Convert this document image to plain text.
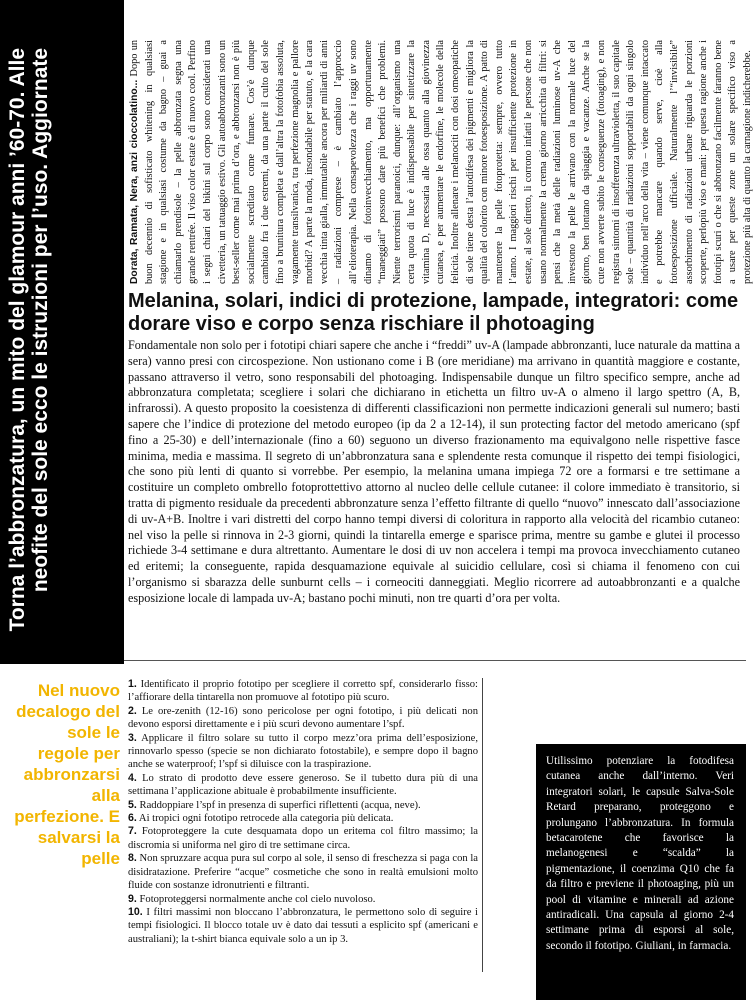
Torna l’abbronzatura, un mito del glamour anni ’60-70. Alle neofite del sole ecco le istruzioni per l’uso. Aggiornate	Dorata, Ramata, Nera, anzi cioccolatino... Dopo un buon decennio di sofisticato whitening in qualsiasi stagione e in qualsiasi costume da bagno – guai a chiamarlo prendisole – la pelle abbronzata segna una grande rentrée. Il viso color estate è di nuovo cool. Perfino i segni chiari del bikini sul corpo sono considerati una civetteria, un tatuaggio estivo. Gli autoabbronzanti sono un best-seller come mai prima d’ora, e abbronzarsi non è più socialmente screditato come fumare. Cos’è dunque cambiato fra i due estremi, da una parte il culto del sole fino a brunitura completa e dall’altra la fotofobia assoluta, vagamente transilvanica, tra perfezione magnolia e pallore morbid? A parte la moda, insondabile per statuto, e la cara vecchia tinta gialla, immutabile ancora per miliardi di anni – radiazioni comprese – è cambiato l’approccio all’elioterapia. Nella consapevolezza che i raggi uv sono dinamo di fotoinvecchiamento, ma opportunamente “maneggiati” possono dare più benefici che problemi. Niente terrorismi paranoici, dunque: all’organismo una certa quota di luce è indispensabile per sintetizzare la vitamina D, necessaria alle ossa quanto alla giovinezza cutanea, e per aumentare le endorfine, le molecole della felicità. Inoltre allenare i melanociti con dosi omeopatiche di sole tiene desta l’autodifesa dei pigmenti e migliora la qualità del colorito con minore fotoesposizione. A patto di mantenere la pelle fotoprotetta: sempre, ovvero tutto l’anno. I maggiori rischi per insufficiente protezione in estate, al sole diretto, li corrono infatti le persone che non usano normalmente la crema giorno arricchita di filtri: si pensi che la metà delle radiazioni luminose uv-A che investono la pelle le arrivano con la normale luce del giorno, ben lontano da spiaggia e vacanze. Anche se la cute non avverte subito le conseguenze (fotoaging), e non registra sintomi di insofferenza ultravioletta, il suo capitale sole – quantità di radiazioni sopportabili da ogni singolo individuo nell’arco della vita – viene comunque intaccato e potrebbe mancare quando serve, cioè alla fotoesposizione ufficiale. Naturalmente l’“invisibile” assorbimento di radiazioni urbane riguarda le porzioni scoperte, perlopiù viso e mani: per questa ragione anche i fototipi scuri o che si abbronzano facilmente faranno bene a usare per queste zone un solare specifico viso a protezione più alta di quanto la carnagione indicherebbe.

Melanina, solari, indici di protezione, lampade, integratori: come dorare viso e corpo senza rischiare il photoaging

Fondamentale non solo per i fototipi chiari sapere che anche i “freddi” uv-A (lampade abbronzanti, luce naturale da mattina a sera) vanno presi con circospezione. Non ustionano come i B (ore meridiane) ma arrivano in quantità maggiore e costante, passano attraverso il vetro, sono responsabili del photoaging. Indispensabile dunque un filtro specifico sempre, anche ad abbronzatura completata; scegliere i solari che dichiarano in etichetta un filtro uv-A o almeno il largo spettro (A, B, infrarossi). A questo proposito la coesistenza di differenti classificazioni non permette indicazioni generali sul numero; basti sapere che l’indice di protezione del metodo europeo (ip da 2 a 12-14), il sun protecting factor del metodo americano (spf fino a 25-30) e dell’internazionale (fino a 60) seguono un diverso frazionamento ma equivalgono nelle rispettive fasce minima, media e massima. Il segreto di un’abbronzatura sana e splendente resta comunque il rispetto dei tempi fisiologici, che sono più lenti di quanto si vorrebbe. Per esempio, la melanina umana impiega 72 ore a formarsi e tre settimane a costituire un completo ombrello fotoprottettivo attorno al nucleo delle cellule cutanee: il colore immediato è transitorio, si tratta di pigmento residuale da precedenti abbronzature senza l’effetto filtrante di quello “nuovo” innescato dall’associazione di uv-A+B. Inoltre i vari distretti del corpo hanno tempi diversi di coloritura in rapporto alla velocità del ricambio cutaneo: nel viso la pelle si rinnova in 2-3 giorni, quindi la tintarella emerge e sparisce prima, mentre su gambe e glutei il processo richiede 3-4 settimane e dura altrettanto. Aumentare le dosi di uv non accelera i tempi ma provoca invecchiamento cutaneo ed eritemi; la conseguente, rapida desquamazione equivale al suicidio cellulare, così si chiama il fenomeno con cui l’organismo si sbarazza delle sunburnt cells – i corneociti danneggiati. Meglio ricorrere ad autoabbronzanti e a qualche esposizione locale di lampada uv-A; bastano pochi minuti, non tre quarti d’ora per volta.

Nel nuovo decalogo del sole le regole per abbronzarsi alla perfezione. E salvarsi la pelle
1. Identificato il proprio fototipo per scegliere il corretto spf, considerarlo fisso: l’affiorare della tintarella non promuove al fototipo più scuro.
2. Le ore-zenith (12-16) sono pericolose per ogni fototipo, i più delicati non devono esporsi direttamente e i più scuri devono aumentare l’spf.
3. Applicare il filtro solare su tutto il corpo mezz’ora prima dell’esposizione, rinnovarlo spesso (specie se non dichiarato fotostabile), e sempre dopo il bagno anche se waterproof; l’spf si diluisce con la traspirazione.
4. Lo strato di prodotto deve essere generoso. Se il tubetto dura più di una settimana l’applicazione abituale è probabilmente insufficiente.
5. Raddoppiare l’spf in presenza di superfici riflettenti (acqua, neve).
6. Ai tropici ogni fototipo retrocede alla categoria più delicata.
7. Fotoproteggere la cute desquamata dopo un eritema col filtro massimo; la discromia si uniforma nel giro di tre settimane circa.
8. Non spruzzare acqua pura sul corpo al sole, il senso di freschezza si paga con la disidratazione. Preferire “acque” cosmetiche che sono in realtà emulsioni molto fluide con sostanze idronutrienti e filtranti.
9. Fotoproteggersi normalmente anche col cielo nuvoloso.
10. I filtri massimi non bloccano l’abbronzatura, le permettono solo di seguire i tempi fisiologici. Il blocco totale uv è dato dai tessuti a esplicito spf (americani e australiani); la t-shirt bianca equivale solo a un ip 3.

Utilissimo potenziare la fotodifesa cutanea anche dall’interno. Veri integratori solari, le capsule Salva-Sole Retard preparano, proteggono e prolungano l’abbronzatura. In formula betacarotene che favorisce la melanogenesi e “scalda” la pigmentazione, il coenzima Q10 che fa da filtro e previene il photoaging, più un pool di vitamine e minerali ad azione antiradicali. Una capsula al giorno 2-4 settimane prima di esporsi al sole, secondo il fototipo. Giuliani, in farmacia.
